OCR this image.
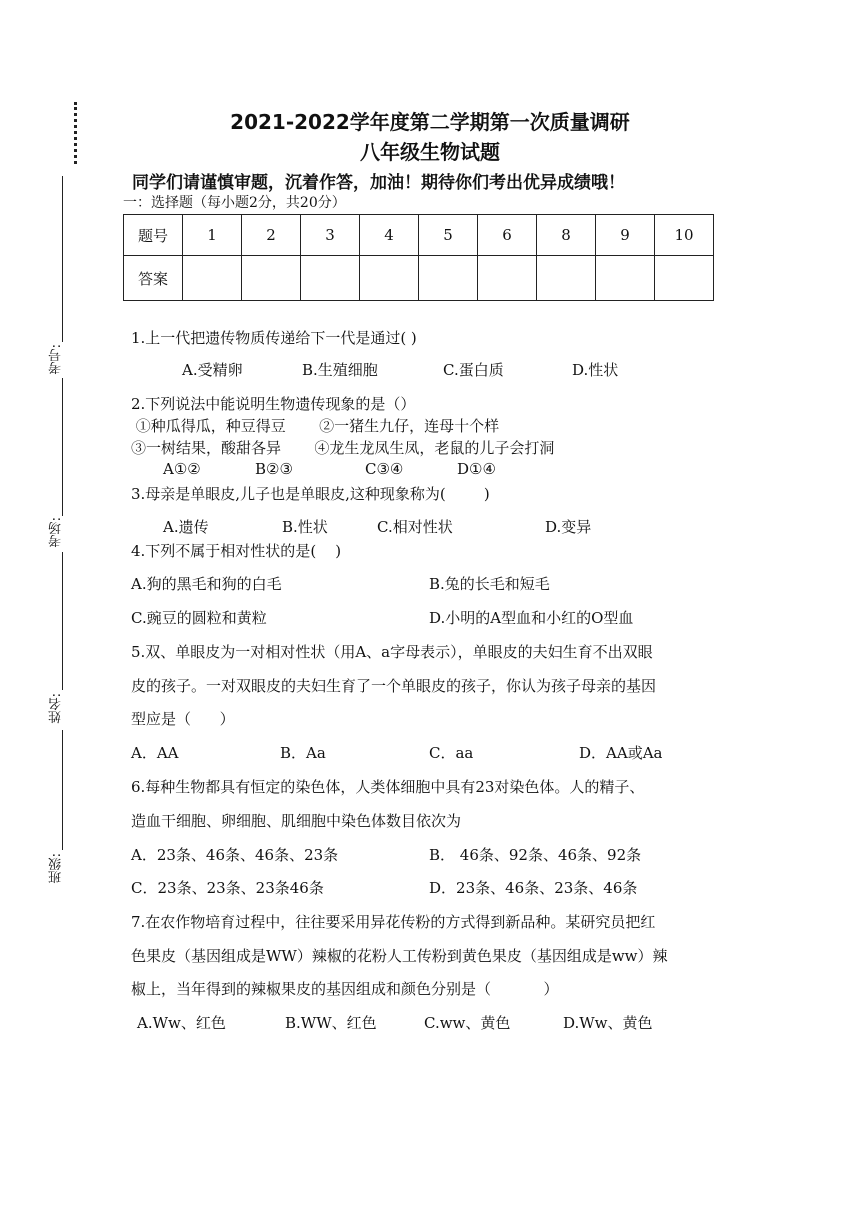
考号:
考场:
姓名:
班级:
2021-2022学年度第二学期第一次质量调研
八年级生物试题
同学们请谨慎审题，沉着作答，加油！期待你们考出优异成绩哦！
一：选择题（每小题2分，共20分）
题号	1	2	3	4	5	6	8	9	10
答案									
1.上一代把遗传物质传递给下一代是通过( )
A.受精卵	B.生殖细胞	C.蛋白质	D.性状
2.下列说法中能说明生物遗传现象的是（）
①种瓜得瓜，种豆得豆       ②一猪生九仔，连母十个样
③一树结果，酸甜各异       ④龙生龙凤生凤，老鼠的儿子会打洞
A①②	B②③	C③④	D①④
3.母亲是单眼皮,儿子也是单眼皮,这种现象称为(        )
A.遗传	B.性状	C.相对性状	D.变异
4.下列不属于相对性状的是(    )
A.狗的黑毛和狗的白毛	B.兔的长毛和短毛
C.豌豆的圆粒和黄粒	D.小明的A型血和小红的O型血
5.双、单眼皮为一对相对性状（用A、a字母表示），单眼皮的夫妇生育不出双眼
皮的孩子。一对双眼皮的夫妇生育了一个单眼皮的孩子，你认为孩子母亲的基因
型应是（      ）
A．AA	B．Aa	C．aa	D．AA或Aa
6.每种生物都具有恒定的染色体，人类体细胞中具有23对染色体。人的精子、
造血干细胞、卵细胞、肌细胞中染色体数目依次为
A．23条、46条、46条、23条	B． 46条、92条、46条、92条
C．23条、23条、23条46条	D．23条、46条、23条、46条
7.在农作物培育过程中，往往要采用异花传粉的方式得到新品种。某研究员把红
色果皮（基因组成是WW）辣椒的花粉人工传粉到黄色果皮（基因组成是ww）辣
椒上，当年得到的辣椒果皮的基因组成和颜色分别是（           ）
A.Ww、红色	B.WW、红色	C.ww、黄色	D.Ww、黄色
